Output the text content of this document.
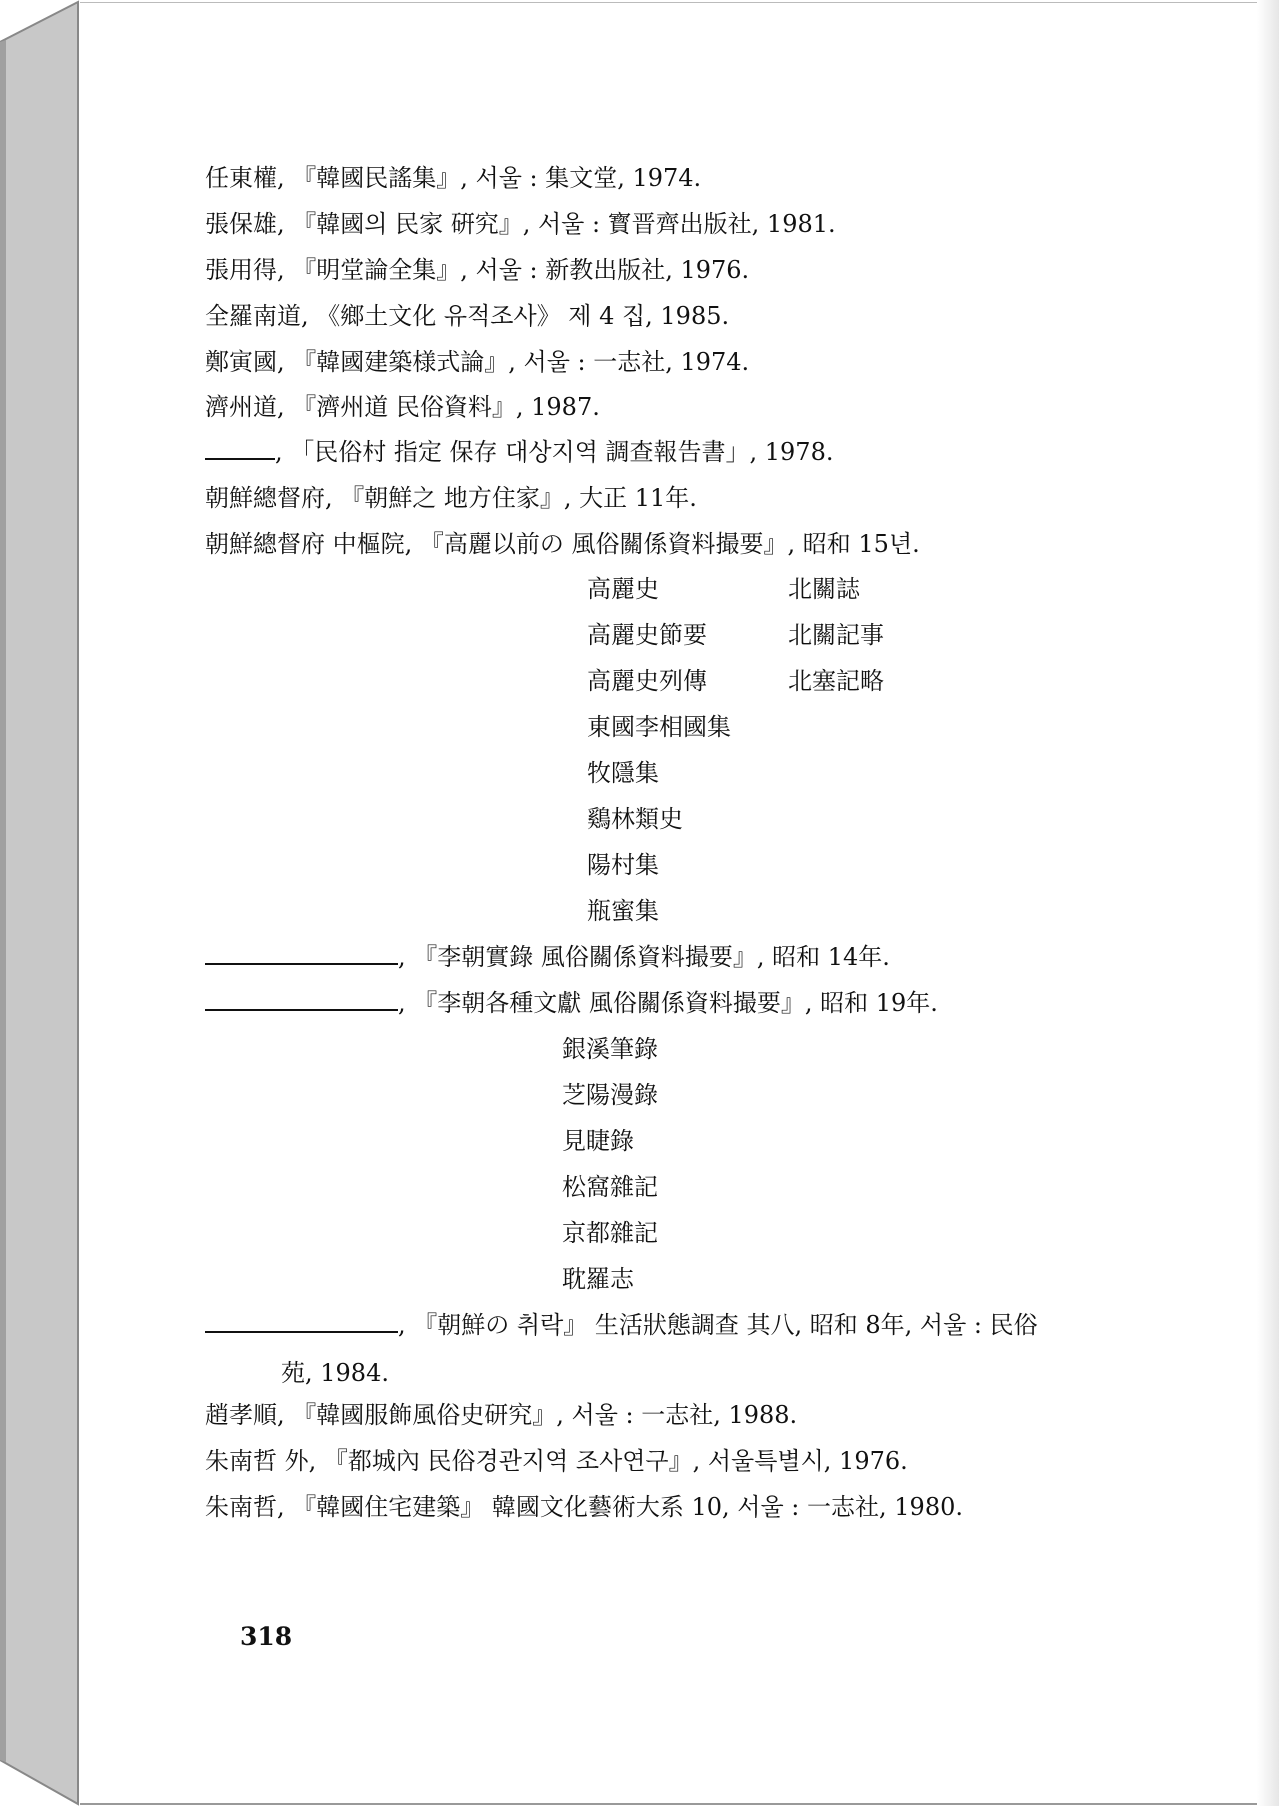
任東權, 『韓國民謠集』, 서울 : 集文堂, 1974.
張保雄, 『韓國의 民家 硏究』, 서울 : 寳晋齊出版社, 1981.
張用得, 『明堂論全集』, 서울 : 新教出版社, 1976.
全羅南道, 《鄉土文化 유적조사》 제 4 집, 1985.
鄭寅國, 『韓國建築様式論』, 서울 : 一志社, 1974.
濟州道, 『濟州道 民俗資料』, 1987.
, 「民俗村 指定 保存 대상지역 調查報告書」, 1978.
朝鮮總督府, 『朝鮮之 地方住家』, 大正 11年.
朝鮮總督府 中樞院, 『高麗以前の 風俗關係資料撮要』, 昭和 15년.
高麗史
高麗史節要
高麗史列傳
東國李相國集
牧隱集
鷄林類史
陽村集
瓶蜜集
北關誌
北關記事
北塞記略
, 『李朝實錄 風俗關係資料撮要』, 昭和 14年.
, 『李朝各種文獻 風俗關係資料撮要』, 昭和 19年.
銀溪筆錄
芝陽漫錄
見睫錄
松窩雜記
京都雜記
耽羅志
, 『朝鮮の 취락』 生活狀態調查 其八, 昭和 8年, 서울 : 民俗
苑, 1984.
趙孝順, 『韓國服飾風俗史研究』, 서울 : 一志社, 1988.
朱南哲 外, 『都城內 民俗경관지역 조사연구』, 서울특별시, 1976.
朱南哲, 『韓國住宅建築』 韓國文化藝術大系 10, 서울 : 一志社, 1980.
318
